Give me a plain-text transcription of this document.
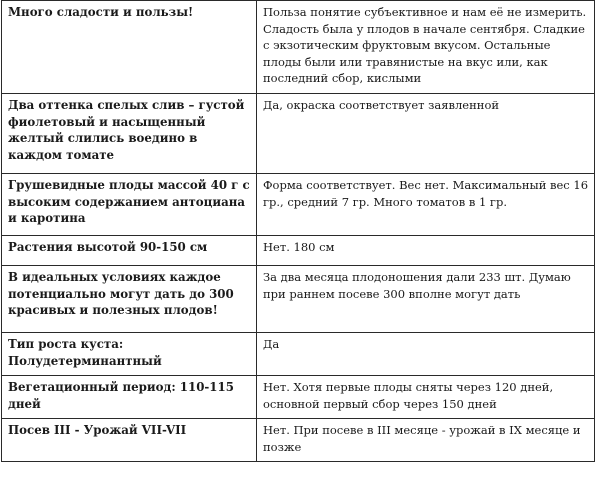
Много сладости и пользы!	Польза понятие субъективное и нам её не измерить. Сладость была у плодов в начале сентября. Сладкие с экзотическим фруктовым вкусом. Остальные плоды были или травянистые на вкус или, как последний сбор, кислыми
Два оттенка спелых слив – густой фиолетовый и насыщенный желтый слились воедино в каждом томате	Да, окраска соответствует заявленной
Грушевидные плоды массой 40 г с высоким содержанием антоциана и каротина	Форма соответствует. Вес нет. Максимальный вес 16 гр., средний 7 гр. Много томатов в 1 гр.
Растения высотой 90-150 см	Нет. 180 см
В идеальных условиях каждое потенциально могут дать до 300 красивых и полезных плодов!	За два месяца плодоношения дали 233 шт. Думаю при раннем посеве 300 вполне могут дать
Тип роста куста: Полудетерминантный	Да
Вегетационный период: 110-115 дней	Нет. Хотя первые плоды сняты через 120 дней, основной первый сбор через 150 дней
Посев III - Урожай VII-VII	Нет. При посеве в III месяце - урожай в IX месяце и позже
